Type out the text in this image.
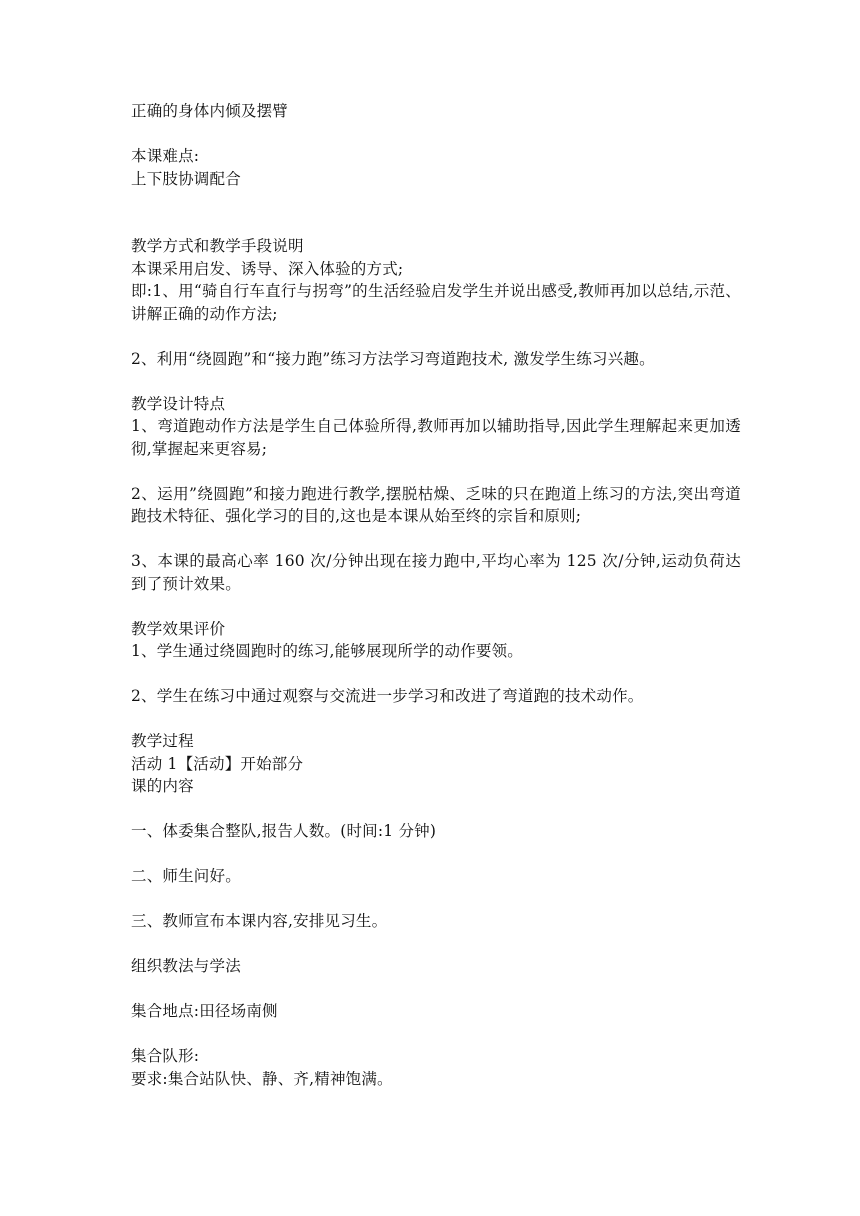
正确的身体内倾及摆臂
本课难点:
上下肢协调配合
教学方式和教学手段说明
本课采用启发、诱导、深入体验的方式;
即:1、用“骑自行车直行与拐弯”的生活经验启发学生并说出感受,教师再加以总结,示范、讲解正确的动作方法;
2、利用“绕圆跑”和“接力跑”练习方法学习弯道跑技术, 激发学生练习兴趣。
教学设计特点
1、弯道跑动作方法是学生自己体验所得,教师再加以辅助指导,因此学生理解起来更加透彻,掌握起来更容易;
2、运用”绕圆跑”和接力跑进行教学,摆脱枯燥、乏味的只在跑道上练习的方法,突出弯道跑技术特征、强化学习的目的,这也是本课从始至终的宗旨和原则;
3、本课的最高心率 160 次/分钟出现在接力跑中,平均心率为 125 次/分钟,运动负荷达到了预计效果。
教学效果评价
1、学生通过绕圆跑时的练习,能够展现所学的动作要领。
2、学生在练习中通过观察与交流进一步学习和改进了弯道跑的技术动作。
教学过程
活动 1【活动】开始部分
课的内容
一、体委集合整队,报告人数。(时间:1 分钟)
二、师生问好。
三、教师宣布本课内容,安排见习生。
组织教法与学法
集合地点:田径场南侧
集合队形:
要求:集合站队快、静、齐,精神饱满。
